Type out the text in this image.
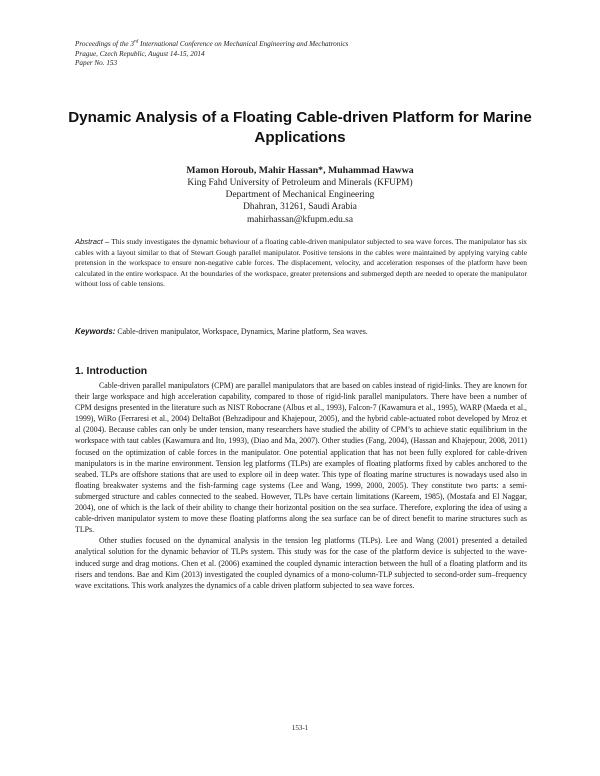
Proceedings of the 3rd International Conference on Mechanical Engineering and Mechatronics
Prague, Czech Republic, August 14-15, 2014
Paper No. 153
Dynamic Analysis of a Floating Cable-driven Platform for Marine Applications
Mamon Horoub, Mahir Hassan*, Muhammad Hawwa
King Fahd University of Petroleum and Minerals (KFUPM)
Department of Mechanical Engineering
Dhahran, 31261, Saudi Arabia
mahirhassan@kfupm.edu.sa
Abstract – This study investigates the dynamic behaviour of a floating cable-driven manipulator subjected to sea wave forces. The manipulator has six cables with a layout similar to that of Stewart Gough parallel manipulator. Positive tensions in the cables were maintained by applying varying cable pretension in the workspace to ensure non-negative cable forces. The displacement, velocity, and acceleration responses of the platform have been calculated in the entire workspace. At the boundaries of the workspace, greater pretensions and submerged depth are needed to operate the manipulator without loss of cable tensions.
Keywords: Cable-driven manipulator, Workspace, Dynamics, Marine platform, Sea waves.
1. Introduction

Cable-driven parallel manipulators (CPM) are parallel manipulators that are based on cables instead of rigid-links. They are known for their large workspace and high acceleration capability, compared to those of rigid-link parallel manipulators. There have been a number of CPM designs presented in the literature such as NIST Robocrane (Albus et al., 1993), Falcon-7 (Kawamura et al., 1995), WARP (Maeda et al., 1999), WiRo (Ferraresi et al., 2004) DeltaBot (Behzadipour and Khajepour, 2005), and the hybrid cable-actuated robot developed by Mroz et al (2004). Because cables can only be under tension, many researchers have studied the ability of CPM’s to achieve static equilibrium in the workspace with taut cables (Kawamura and Ito, 1993), (Diao and Ma, 2007). Other studies (Fang, 2004), (Hassan and Khajepour, 2008, 2011) focused on the optimization of cable forces in the manipulator. One potential application that has not been fully explored for cable-driven manipulators is in the marine environment. Tension leg platforms (TLPs) are examples of floating platforms fixed by cables anchored to the seabed. TLPs are offshore stations that are used to explore oil in deep water. This type of floating marine structures is nowadays used also in floating breakwater systems and the fish-farming cage systems (Lee and Wang, 1999, 2000, 2005). They constitute two parts: a semi-submerged structure and cables connected to the seabed. However, TLPs have certain limitations (Kareem, 1985), (Mostafa and El Naggar, 2004), one of which is the lack of their ability to change their horizontal position on the sea surface. Therefore, exploring the idea of using a cable-driven manipulator system to move these floating platforms along the sea surface can be of direct benefit to marine structures such as TLPs.

Other studies focused on the dynamical analysis in the tension leg platforms (TLPs). Lee and Wang (2001) presented a detailed analytical solution for the dynamic behavior of TLPs system. This study was for the case of the platform device is subjected to the wave-induced surge and drag motions. Chen et al. (2006) examined the coupled dynamic interaction between the hull of a floating platform and its risers and tendons. Bae and Kim (2013) investigated the coupled dynamics of a mono-column-TLP subjected to second-order sum–frequency wave excitations. This work analyzes the dynamics of a cable driven platform subjected to sea wave forces.

153-1
